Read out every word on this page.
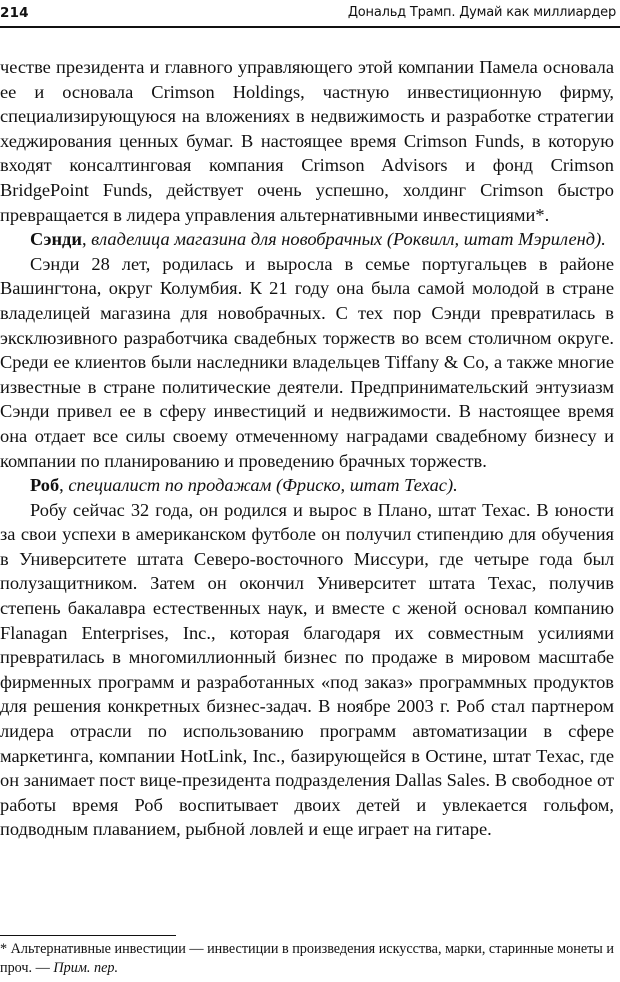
214	Дональд Трамп. Думай как миллиардер

честве президента и главного управляющего этой компании Памела основала ее и основала Crimson Holdings, частную инвестиционную фирму, специализирующуюся на вложениях в недвижимость и разработке стратегии хеджирования ценных бумаг. В настоящее время Crimson Funds, в которую входят консалтинговая компания Crimson Advisors и фонд Crimson BridgePoint Funds, действует очень успешно, холдинг Crimson быстро превращается в лидера управления альтернативными инвестициями*.

Сэнди, владелица магазина для новобрачных (Роквилл, штат Мэриленд).

Сэнди 28 лет, родилась и выросла в семье португальцев в районе Вашингтона, округ Колумбия. К 21 году она была самой молодой в стране владелицей магазина для новобрачных. С тех пор Сэнди превратилась в эксклюзивного разработчика свадебных торжеств во всем столичном округе. Среди ее клиентов были наследники владельцев Tiffany & Co, а также многие известные в стране политические деятели. Предпринимательский энтузиазм Сэнди привел ее в сферу инвестиций и недвижимости. В настоящее время она отдает все силы своему отмеченному наградами свадебному бизнесу и компании по планированию и проведению брачных торжеств.

Роб, специалист по продажам (Фриско, штат Техас).

Робу сейчас 32 года, он родился и вырос в Плано, штат Техас. В юности за свои успехи в американском футболе он получил стипендию для обучения в Университете штата Северо-восточного Миссури, где четыре года был полузащитником. Затем он окончил Университет штата Техас, получив степень бакалавра естественных наук, и вместе с женой основал компанию Flanagan Enterprises, Inc., которая благодаря их совместным усилиями превратилась в многомиллионный бизнес по продаже в мировом масштабе фирменных программ и разработанных «под заказ» программных продуктов для решения конкретных бизнес-задач. В ноябре 2003 г. Роб стал партнером лидера отрасли по использованию программ автоматизации в сфере маркетинга, компании HotLink, Inc., базирующейся в Остине, штат Техас, где он занимает пост вице-президента подразделения Dallas Sales. В свободное от работы время Роб воспитывает двоих детей и увлекается гольфом, подводным плаванием, рыбной ловлей и еще играет на гитаре.

* Альтернативные инвестиции — инвестиции в произведения искусства, марки, старинные монеты и проч. — Прим. пер.
